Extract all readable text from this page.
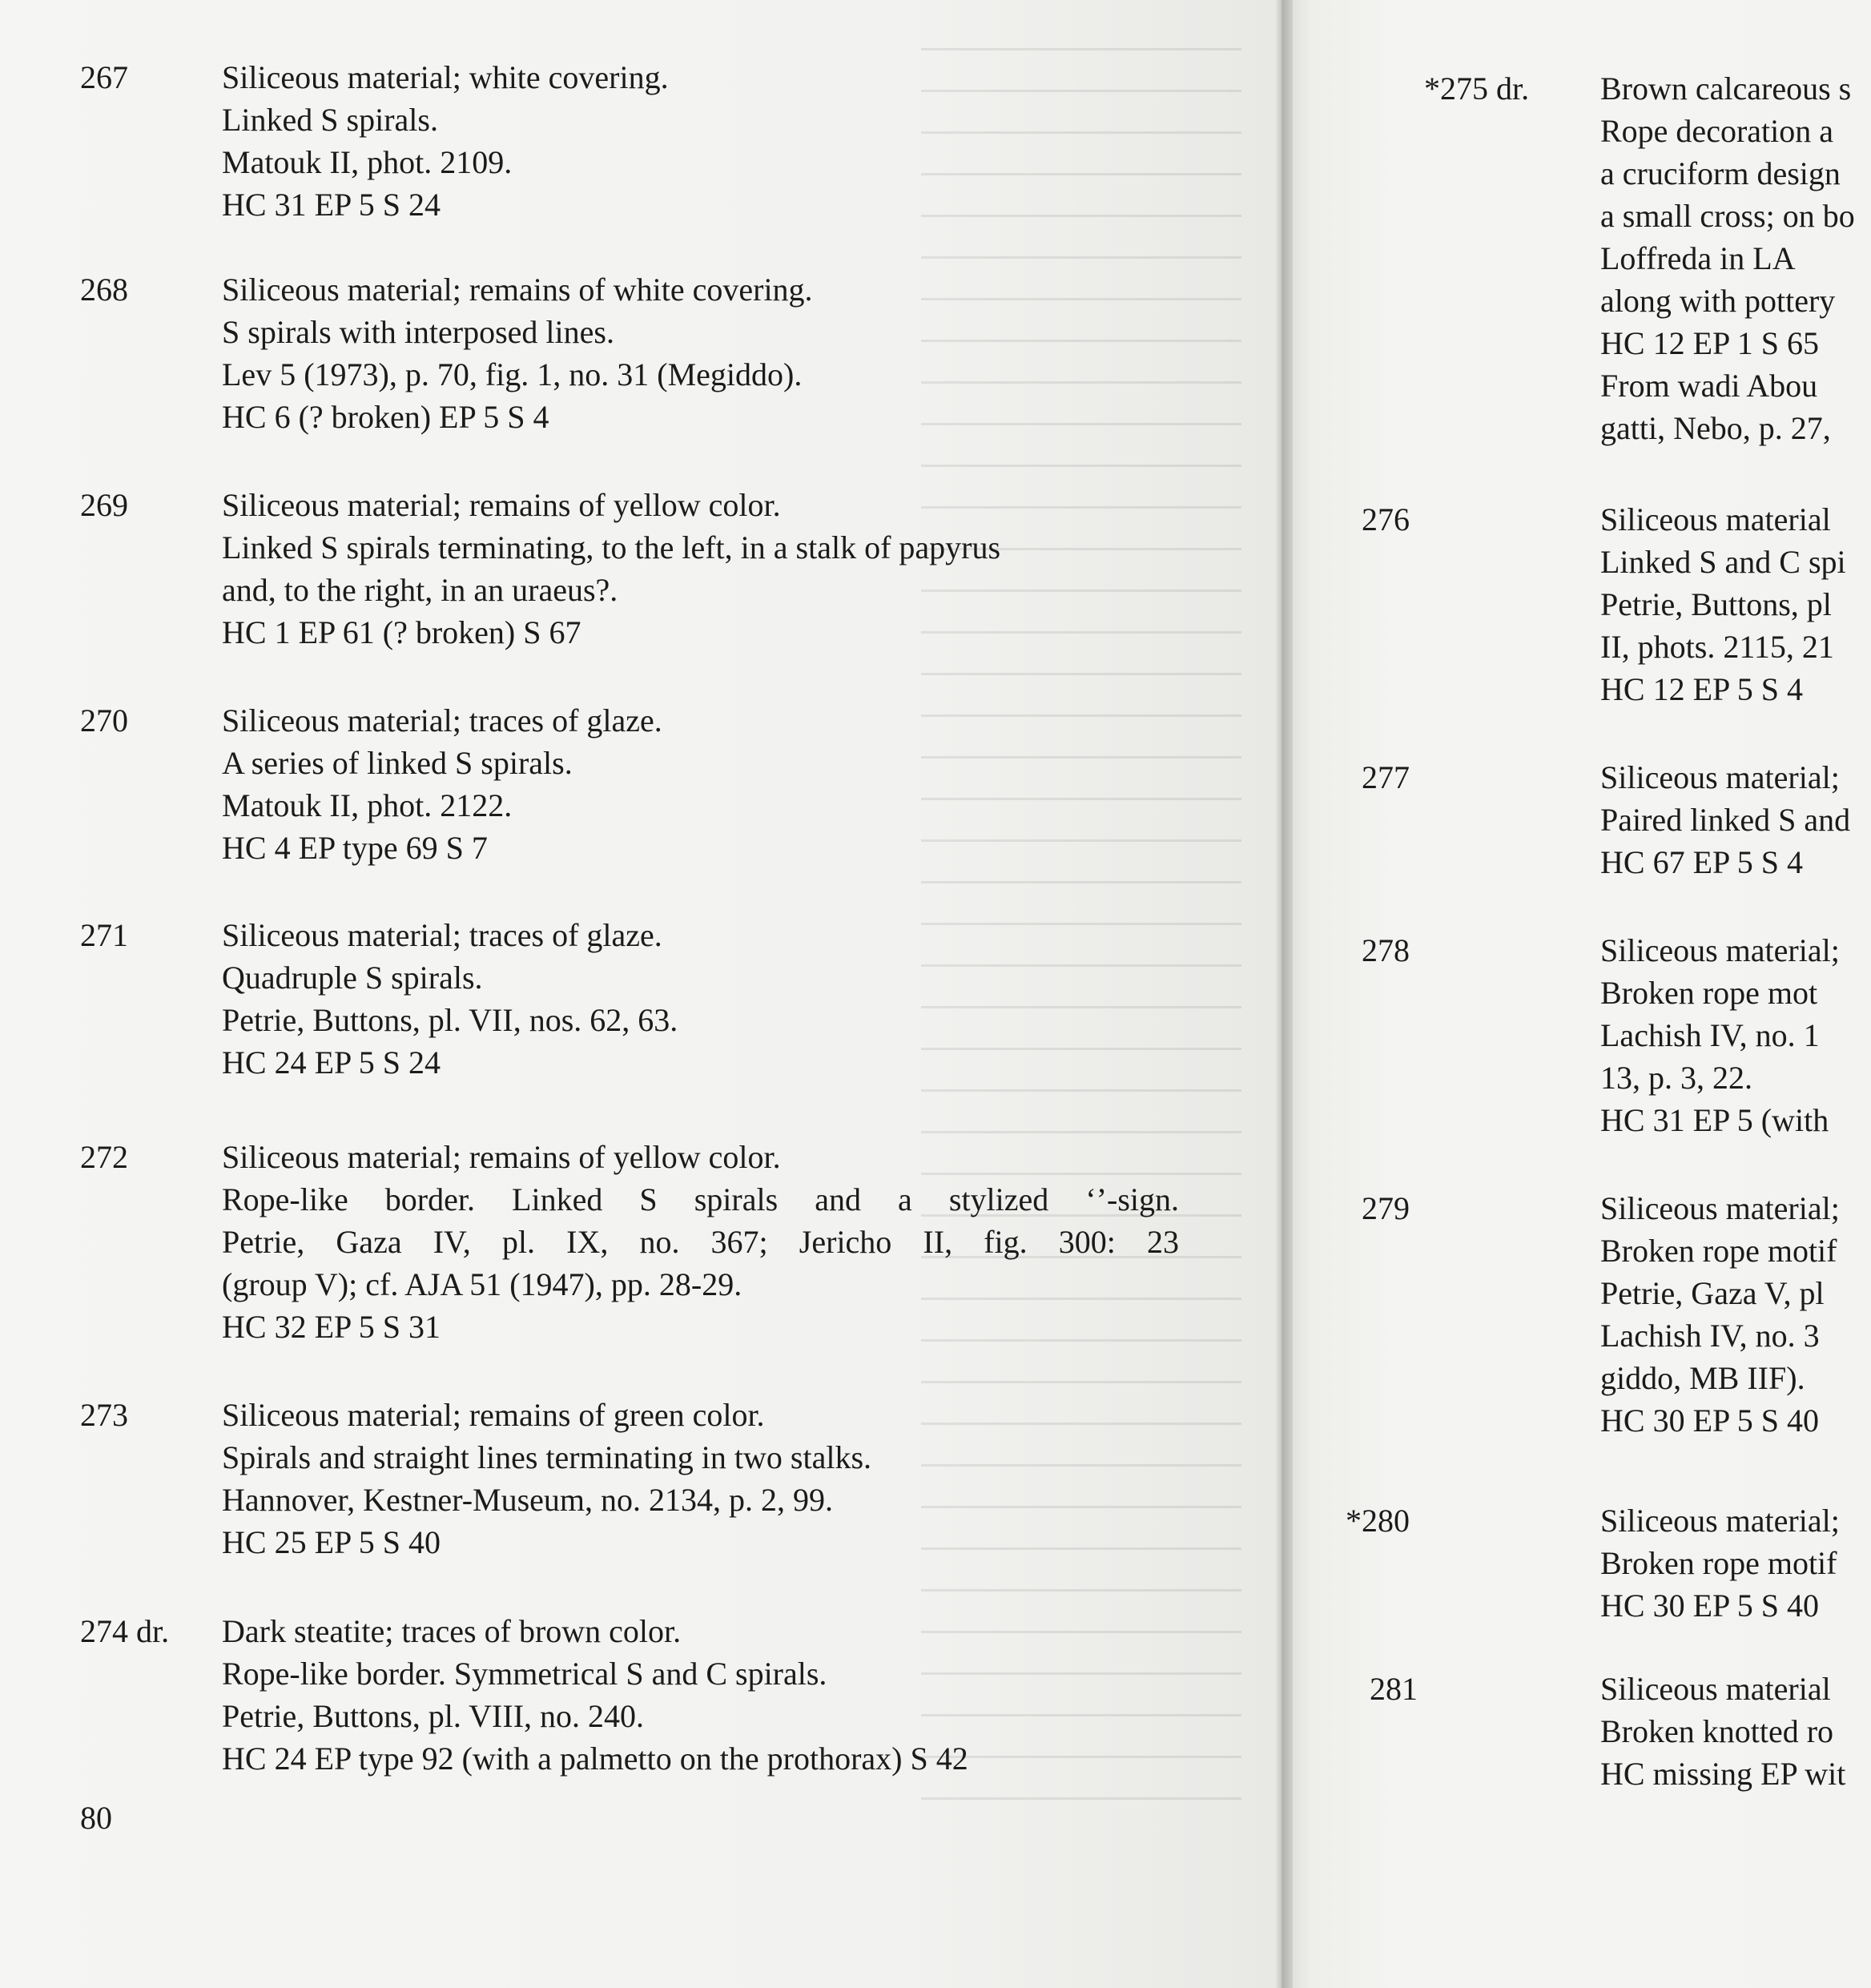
267	Siliceous material; white covering.
Linked S spirals.
Matouk II, phot. 2109.
HC 31 EP 5 S 24
268	Siliceous material; remains of white covering.
S spirals with interposed lines.
Lev 5 (1973), p. 70, fig. 1, no. 31 (Megiddo).
HC 6 (? broken) EP 5 S 4
269	Siliceous material; remains of yellow color.
Linked S spirals terminating, to the left, in a stalk of papyrus
and, to the right, in an uraeus?.
HC 1 EP 61 (? broken) S 67
270	Siliceous material; traces of glaze.
A series of linked S spirals.
Matouk II, phot. 2122.
HC 4 EP type 69 S 7
271	Siliceous material; traces of glaze.
Quadruple S spirals.
Petrie, Buttons, pl. VII, nos. 62, 63.
HC 24 EP 5 S 24
272	Siliceous material; remains of yellow color.
Rope-like border. Linked S spirals and a stylized ‘’-sign.
Petrie, Gaza IV, pl. IX, no. 367; Jericho II, fig. 300: 23
(group V); cf. AJA 51 (1947), pp. 28-29.
HC 32 EP 5 S 31
273	Siliceous material; remains of green color.
Spirals and straight lines terminating in two stalks.
Hannover, Kestner-Museum, no. 2134, p. 2, 99.
HC 25 EP 5 S 40
274 dr. Dark steatite; traces of brown color.
Rope-like border. Symmetrical S and C spirals.
Petrie, Buttons, pl. VIII, no. 240.
HC 24 EP type 92 (with a palmetto on the prothorax) S 42
80
*275 dr. Brown calcareous s
Rope decoration a
a cruciform design
a small cross; on bo
Loffreda in LA
along with pottery
HC 12 EP 1 S 65
From wadi Abou
gatti, Nebo, p. 27,
276	Siliceous material
Linked S and C spi
Petrie, Buttons, pl
II, phots. 2115, 21
HC 12 EP 5 S 4
277	Siliceous material;
Paired linked S and
HC 67 EP 5 S 4
278	Siliceous material;
Broken rope mot
Lachish IV, no. 1
13, p. 3, 22.
HC 31 EP 5 (with
279	Siliceous material;
Broken rope motif
Petrie, Gaza V, pl
Lachish IV, no. 3
giddo, MB IIF).
HC 30 EP 5 S 40
*280	Siliceous material;
Broken rope motif
HC 30 EP 5 S 40
281	Siliceous material
Broken knotted ro
HC missing EP wit
